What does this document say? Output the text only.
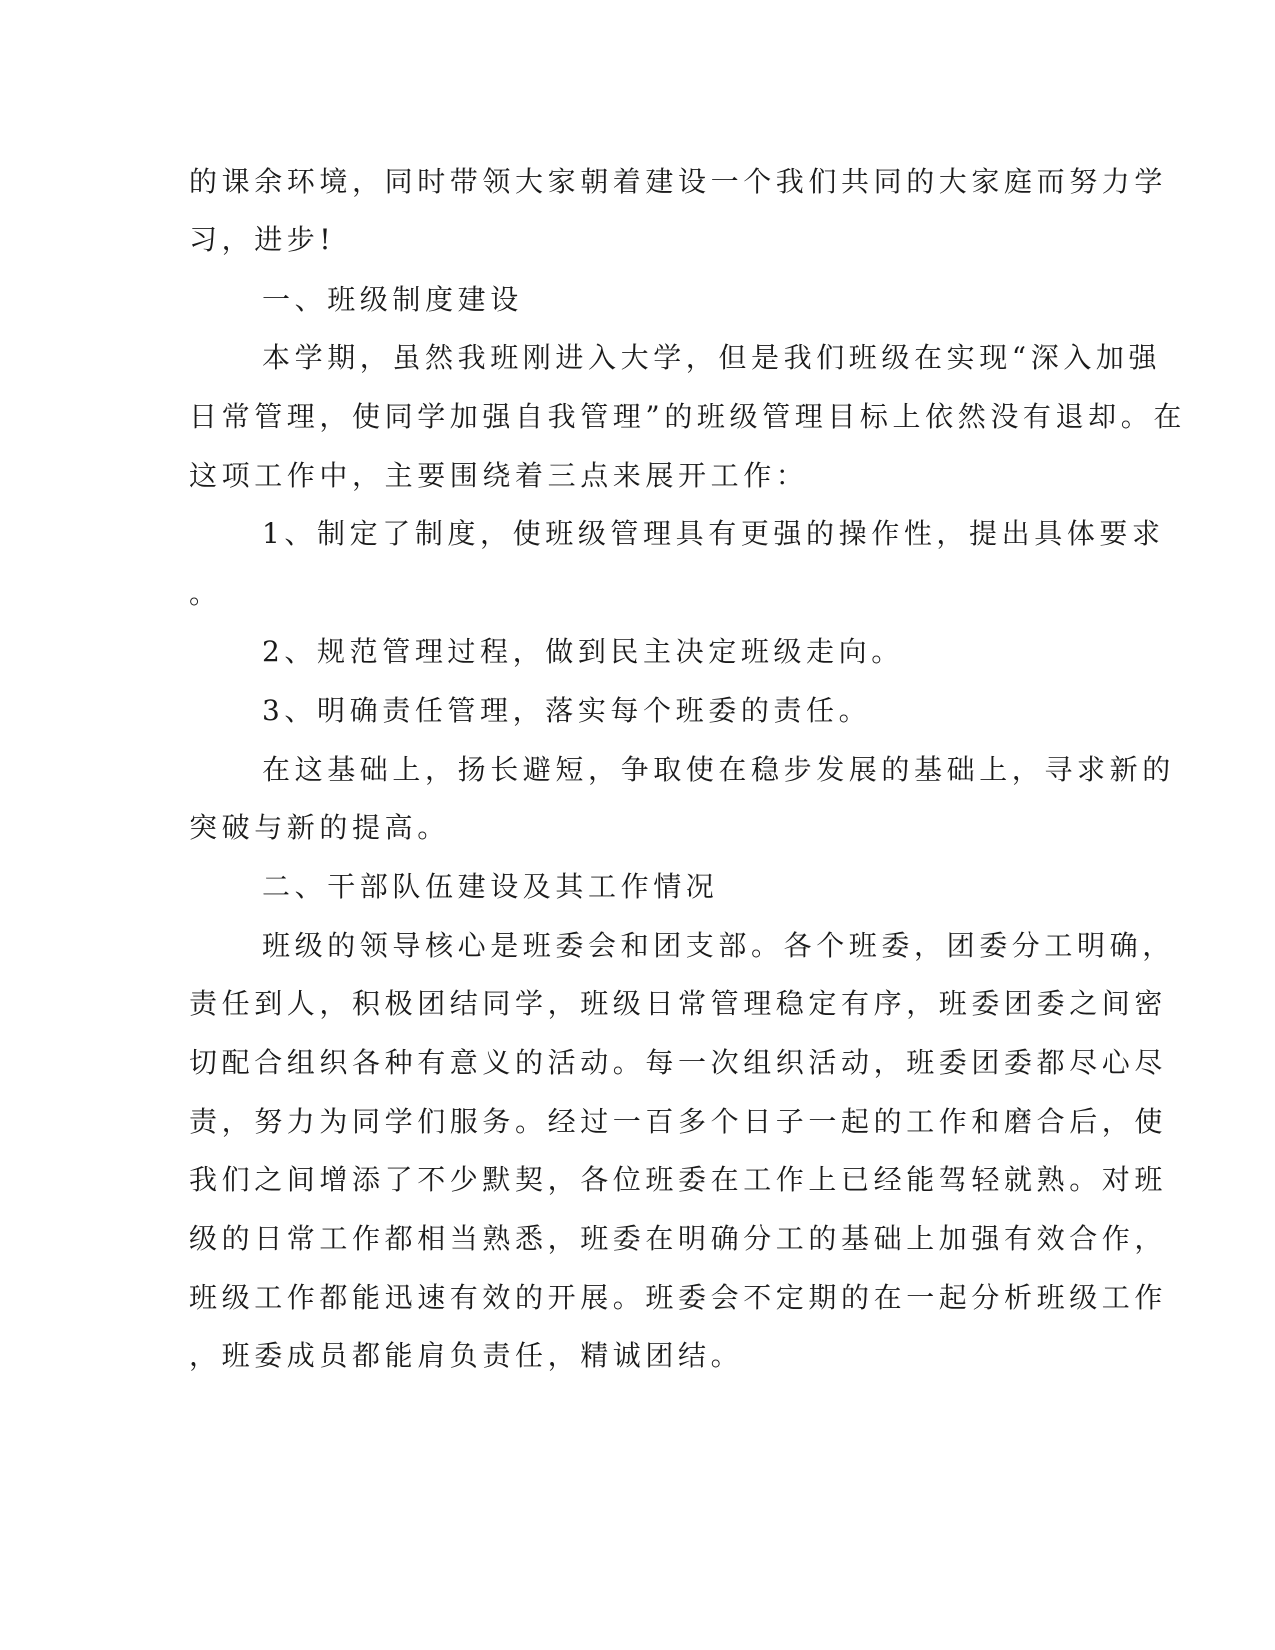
的课余环境，同时带领大家朝着建设一个我们共同的大家庭而努力学
习，进步!
一、班级制度建设
本学期，虽然我班刚进入大学，但是我们班级在实现“深入加强
日常管理，使同学加强自我管理”的班级管理目标上依然没有退却。在
这项工作中，主要围绕着三点来展开工作：
1、制定了制度，使班级管理具有更强的操作性，提出具体要求
。
2、规范管理过程，做到民主决定班级走向。
3、明确责任管理，落实每个班委的责任。
在这基础上，扬长避短，争取使在稳步发展的基础上，寻求新的
突破与新的提高。
二、干部队伍建设及其工作情况
班级的领导核心是班委会和团支部。各个班委，团委分工明确，
责任到人，积极团结同学，班级日常管理稳定有序，班委团委之间密
切配合组织各种有意义的活动。每一次组织活动，班委团委都尽心尽
责，努力为同学们服务。经过一百多个日子一起的工作和磨合后，使
我们之间增添了不少默契，各位班委在工作上已经能驾轻就熟。对班
级的日常工作都相当熟悉，班委在明确分工的基础上加强有效合作，
班级工作都能迅速有效的开展。班委会不定期的在一起分析班级工作
，班委成员都能肩负责任，精诚团结。
